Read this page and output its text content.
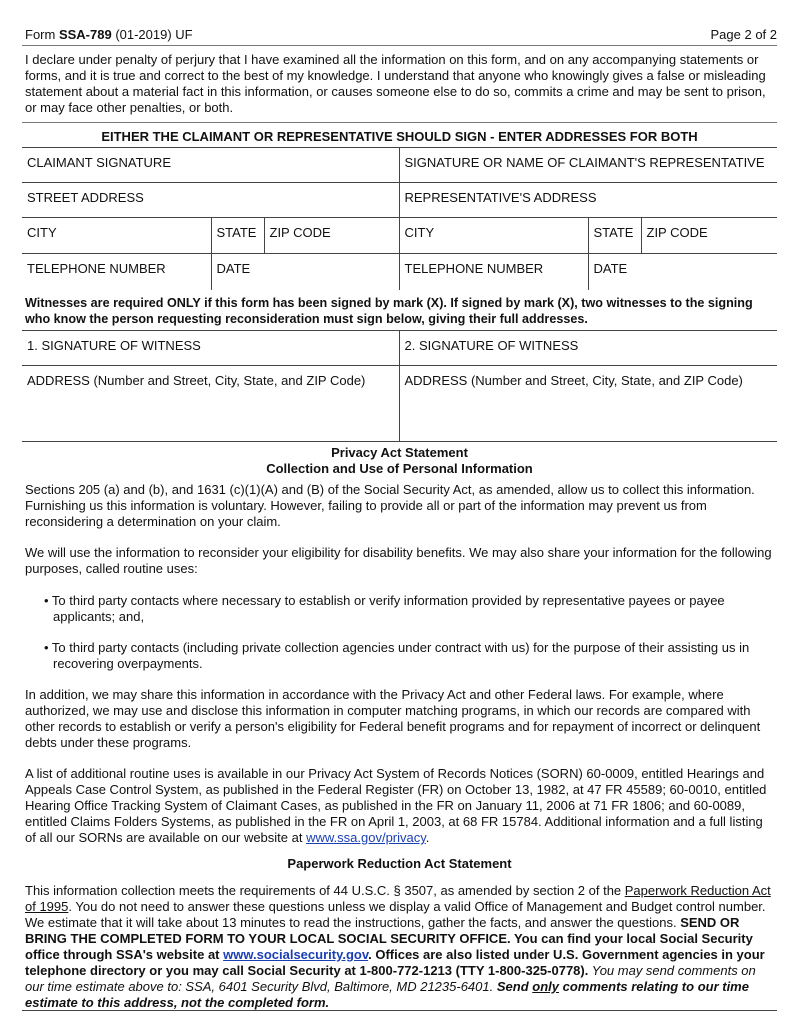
Form SSA-789 (01-2019) UF	Page 2 of 2

I declare under penalty of perjury that I have examined all the information on this form, and on any accompanying statements or forms, and it is true and correct to the best of my knowledge. I understand that anyone who knowingly gives a false or misleading statement about a material fact in this information, or causes someone else to do so, commits a crime and may be sent to prison, or may face other penalties, or both.

EITHER THE CLAIMANT OR REPRESENTATIVE SHOULD SIGN - ENTER ADDRESSES FOR BOTH
CLAIMANT SIGNATURE			SIGNATURE OR NAME OF CLAIMANT'S REPRESENTATIVE		
STREET ADDRESS			REPRESENTATIVE'S ADDRESS		
CITY	STATE	ZIP CODE	CITY	STATE	ZIP CODE
TELEPHONE NUMBER	DATE		TELEPHONE NUMBER	DATE	
Witnesses are required ONLY if this form has been signed by mark (X). If signed by mark (X), two witnesses to the signing who know the person requesting reconsideration must sign below, giving their full addresses.
1. SIGNATURE OF WITNESS	2. SIGNATURE OF WITNESS
ADDRESS (Number and Street, City, State, and ZIP Code)	ADDRESS (Number and Street, City, State, and ZIP Code)
Privacy Act Statement
Collection and Use of Personal Information

Sections 205 (a) and (b), and 1631 (c)(1)(A) and (B) of the Social Security Act, as amended, allow us to collect this information. Furnishing us this information is voluntary. However, failing to provide all or part of the information may prevent us from reconsidering a determination on your claim.

We will use the information to reconsider your eligibility for disability benefits. We may also share your information for the following purposes, called routine uses:

• To third party contacts where necessary to establish or verify information provided by representative payees or payee applicants; and,

• To third party contacts (including private collection agencies under contract with us) for the purpose of their assisting us in recovering overpayments.

In addition, we may share this information in accordance with the Privacy Act and other Federal laws. For example, where authorized, we may use and disclose this information in computer matching programs, in which our records are compared with other records to establish or verify a person's eligibility for Federal benefit programs and for repayment of incorrect or delinquent debts under these programs.

A list of additional routine uses is available in our Privacy Act System of Records Notices (SORN) 60-0009, entitled Hearings and Appeals Case Control System, as published in the Federal Register (FR) on October 13, 1982, at 47 FR 45589; 60-0010, entitled Hearing Office Tracking System of Claimant Cases, as published in the FR on January 11, 2006 at 71 FR 1806; and 60-0089, entitled Claims Folders Systems, as published in the FR on April 1, 2003, at 68 FR 15784. Additional information and a full listing of all our SORNs are available on our website at www.ssa.gov/privacy.

Paperwork Reduction Act Statement

This information collection meets the requirements of 44 U.S.C. § 3507, as amended by section 2 of the Paperwork Reduction Act of 1995. You do not need to answer these questions unless we display a valid Office of Management and Budget control number. We estimate that it will take about 13 minutes to read the instructions, gather the facts, and answer the questions. SEND OR BRING THE COMPLETED FORM TO YOUR LOCAL SOCIAL SECURITY OFFICE. You can find your local Social Security office through SSA's website at www.socialsecurity.gov. Offices are also listed under U.S. Government agencies in your telephone directory or you may call Social Security at 1-800-772-1213 (TTY 1-800-325-0778). You may send comments on our time estimate above to: SSA, 6401 Security Blvd, Baltimore, MD 21235-6401. Send only comments relating to our time estimate to this address, not the completed form.
